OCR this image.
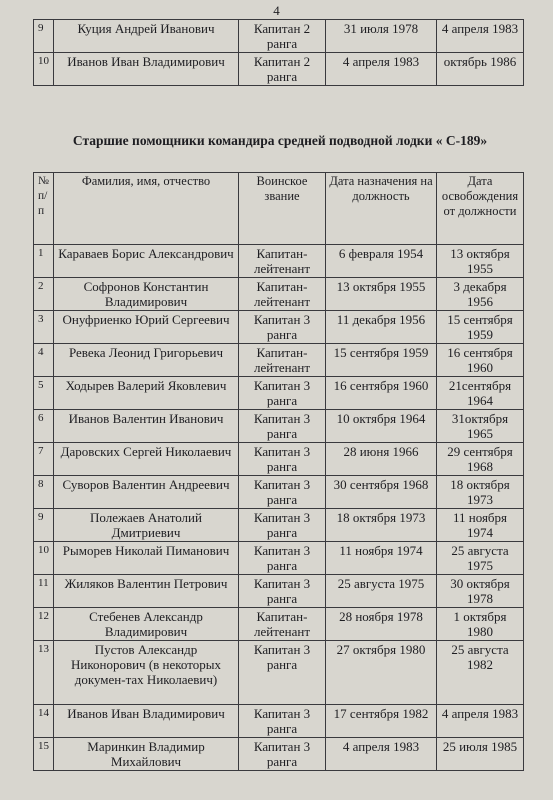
4
9	Куция Андрей Иванович	Капитан 2 ранга	31 июля 1978	4 апреля 1983
10	Иванов Иван Владимирович	Капитан 2 ранга	4 апреля 1983	октябрь 1986
Старшие помощники командира средней подводной лодки « С-189»
№ п/п	Фамилия, имя, отчество	Воинское звание	Дата назначения на должность	Дата освобождения от должности
1	Караваев Борис Александрович	Капитан-лейтенант	6 февраля 1954	13 октября 1955
2	Софронов Константин Владимирович	Капитан-лейтенант	13 октября 1955	3 декабря 1956
3	Онуфриенко Юрий Сергеевич	Капитан 3 ранга	11 декабря 1956	15 сентября 1959
4	Ревека Леонид Григорьевич	Капитан-лейтенант	15 сентября 1959	16 сентября 1960
5	Ходырев Валерий Яковлевич	Капитан 3 ранга	16 сентября 1960	21сентября 1964
6	Иванов Валентин Иванович	Капитан 3 ранга	10 октября 1964	31октября 1965
7	Даровских Сергей Николаевич	Капитан 3 ранга	28 июня 1966	29 сентября 1968
8	Суворов Валентин Андреевич	Капитан 3 ранга	30 сентября 1968	18 октября 1973
9	Полежаев Анатолий Дмитриевич	Капитан 3 ранга	18 октября 1973	11 ноября 1974
10	Рыморев Николай Пиманович	Капитан 3 ранга	11 ноября 1974	25 августа 1975
11	Жиляков Валентин Петрович	Капитан 3 ранга	25 августа 1975	30 октября 1978
12	Стебенев Александр Владимирович	Капитан-лейтенант	28 ноября 1978	1 октября 1980
13	Пустов Александр Никонорович (в некоторых докумен-тах Николаевич)	Капитан 3 ранга	27 октября 1980	25 августа 1982
14	Иванов Иван Владимирович	Капитан 3 ранга	17 сентября 1982	4 апреля 1983
15	Маринкин Владимир Михайлович	Капитан 3 ранга	4 апреля 1983	25 июля 1985
